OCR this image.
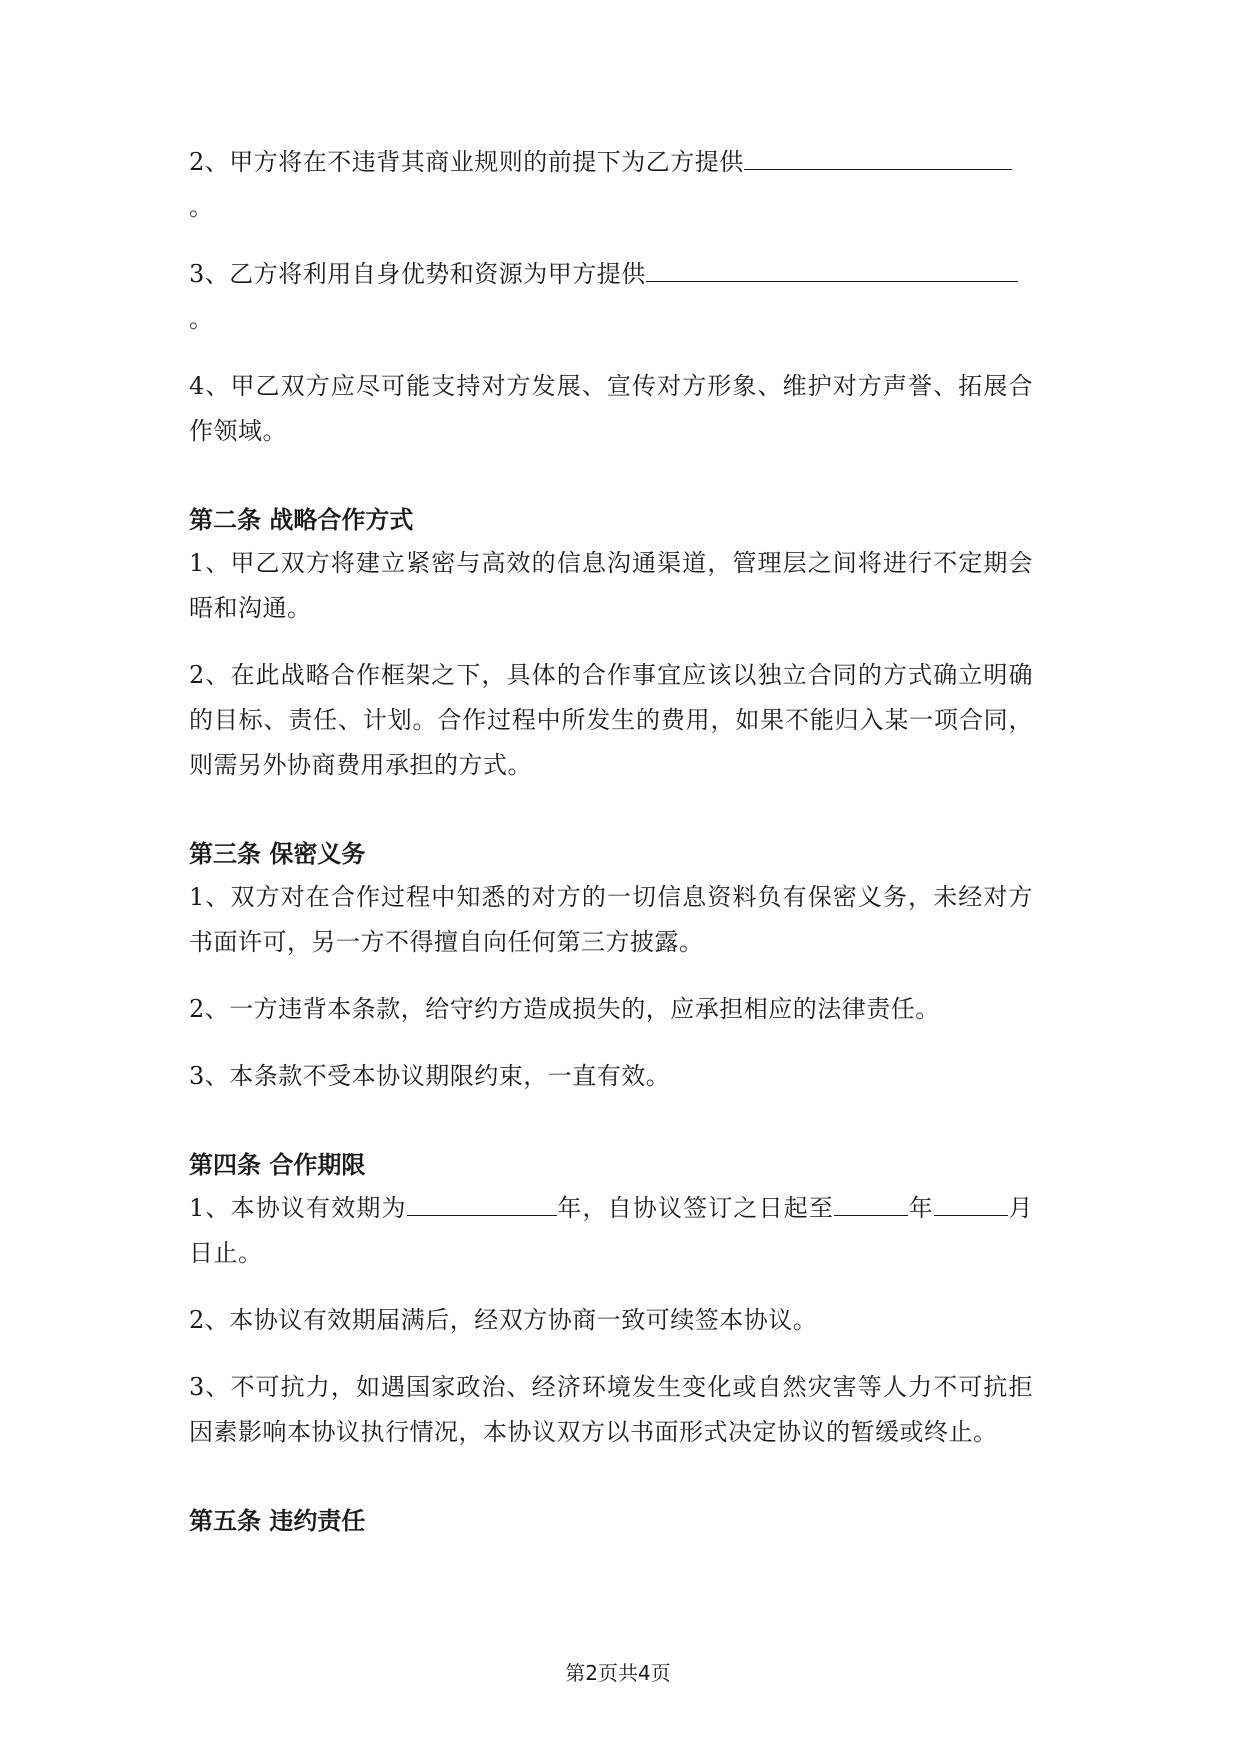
2、甲方将在不违背其商业规则的前提下为乙方提供
。

3、乙方将利用自身优势和资源为甲方提供
。

4、甲乙双方应尽可能支持对方发展、宣传对方形象、维护对方声誉、拓展合作领域。

第二条 战略合作方式

1、甲乙双方将建立紧密与高效的信息沟通渠道，管理层之间将进行不定期会晤和沟通。

2、在此战略合作框架之下，具体的合作事宜应该以独立合同的方式确立明确的目标、责任、计划。合作过程中所发生的费用，如果不能归入某一项合同，则需另外协商费用承担的方式。

第三条 保密义务

1、双方对在合作过程中知悉的对方的一切信息资料负有保密义务，未经对方书面许可，另一方不得擅自向任何第三方披露。

2、一方违背本条款，给守约方造成损失的，应承担相应的法律责任。

3、本条款不受本协议期限约束，一直有效。

第四条 合作期限

1、本协议有效期为	年，自协议签订之日起至	年	月日止。

2、本协议有效期届满后，经双方协商一致可续签本协议。

3、不可抗力，如遇国家政治、经济环境发生变化或自然灾害等人力不可抗拒因素影响本协议执行情况，本协议双方以书面形式决定协议的暂缓或终止。

第五条 违约责任
第2页共4页
